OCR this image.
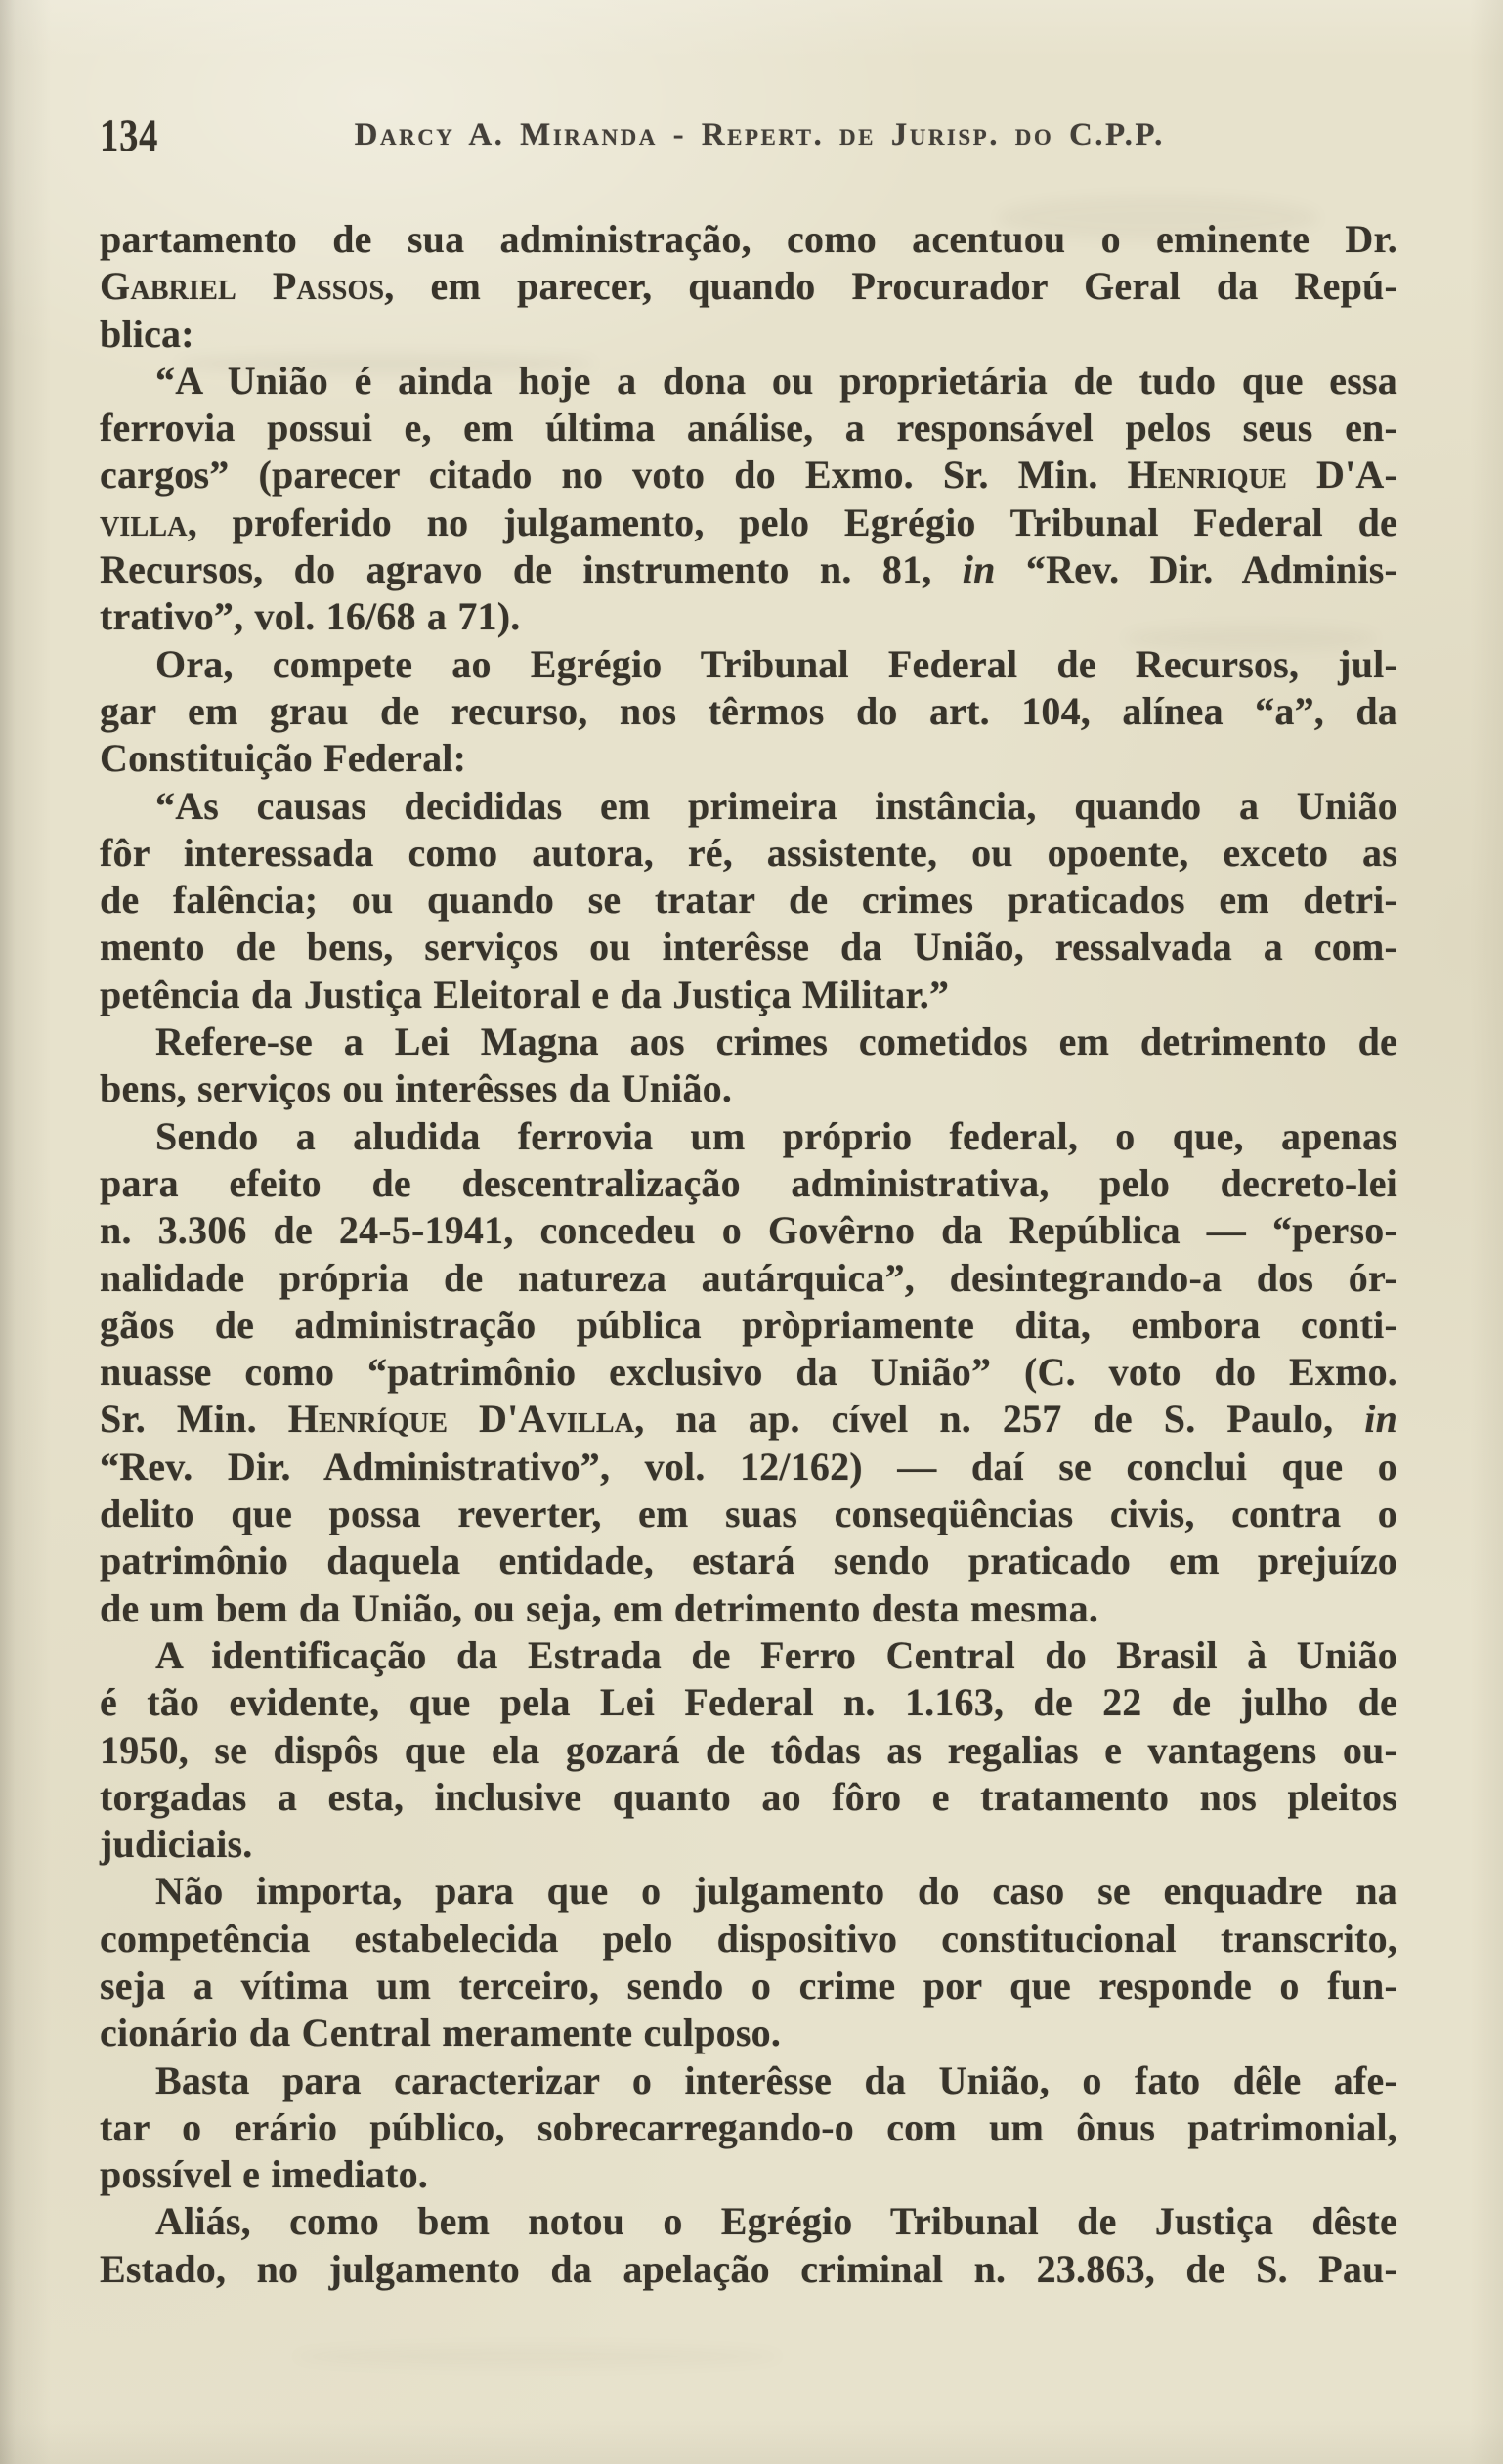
134	Darcy A. Miranda - Repert. de Jurisp. do C.P.P.
partamento de sua administração, como acentuou o eminente Dr.
Gabriel Passos, em parecer, quando Procurador Geral da Repú-
blica:
“A União é ainda hoje a dona ou proprietária de tudo que essa
ferrovia possui e, em última análise, a responsável pelos seus en-
cargos” (parecer citado no voto do Exmo. Sr. Min. Henrique D'A-
villa, proferido no julgamento, pelo Egrégio Tribunal Federal de
Recursos, do agravo de instrumento n. 81, in “Rev. Dir. Adminis-
trativo”, vol. 16/68 a 71).
Ora, compete ao Egrégio Tribunal Federal de Recursos, jul-
gar em grau de recurso, nos têrmos do art. 104, alínea “a”, da
Constituição Federal:
“As causas decididas em primeira instância, quando a União
fôr interessada como autora, ré, assistente, ou opoente, exceto as
de falência; ou quando se tratar de crimes praticados em detri-
mento de bens, serviços ou interêsse da União, ressalvada a com-
petência da Justiça Eleitoral e da Justiça Militar.”
Refere-se a Lei Magna aos crimes cometidos em detrimento de
bens, serviços ou interêsses da União.
Sendo a aludida ferrovia um próprio federal, o que, apenas
para efeito de descentralização administrativa, pelo decreto-lei
n. 3.306 de 24-5-1941, concedeu o Govêrno da República — “perso-
nalidade própria de natureza autárquica”, desintegrando-a dos ór-
gãos de administração pública pròpriamente dita, embora conti-
nuasse como “patrimônio exclusivo da União” (C. voto do Exmo.
Sr. Min. Henríque D'Avilla, na ap. cível n. 257 de S. Paulo, in
“Rev. Dir. Administrativo”, vol. 12/162) — daí se conclui que o
delito que possa reverter, em suas conseqüências civis, contra o
patrimônio daquela entidade, estará sendo praticado em prejuízo
de um bem da União, ou seja, em detrimento desta mesma.
A identificação da Estrada de Ferro Central do Brasil à União
é tão evidente, que pela Lei Federal n. 1.163, de 22 de julho de
1950, se dispôs que ela gozará de tôdas as regalias e vantagens ou-
torgadas a esta, inclusive quanto ao fôro e tratamento nos pleitos
judiciais.
Não importa, para que o julgamento do caso se enquadre na
competência estabelecida pelo dispositivo constitucional transcrito,
seja a vítima um terceiro, sendo o crime por que responde o fun-
cionário da Central meramente culposo.
Basta para caracterizar o interêsse da União, o fato dêle afe-
tar o erário público, sobrecarregando-o com um ônus patrimonial,
possível e imediato.
Aliás, como bem notou o Egrégio Tribunal de Justiça dêste
Estado, no julgamento da apelação criminal n. 23.863, de S. Pau-
